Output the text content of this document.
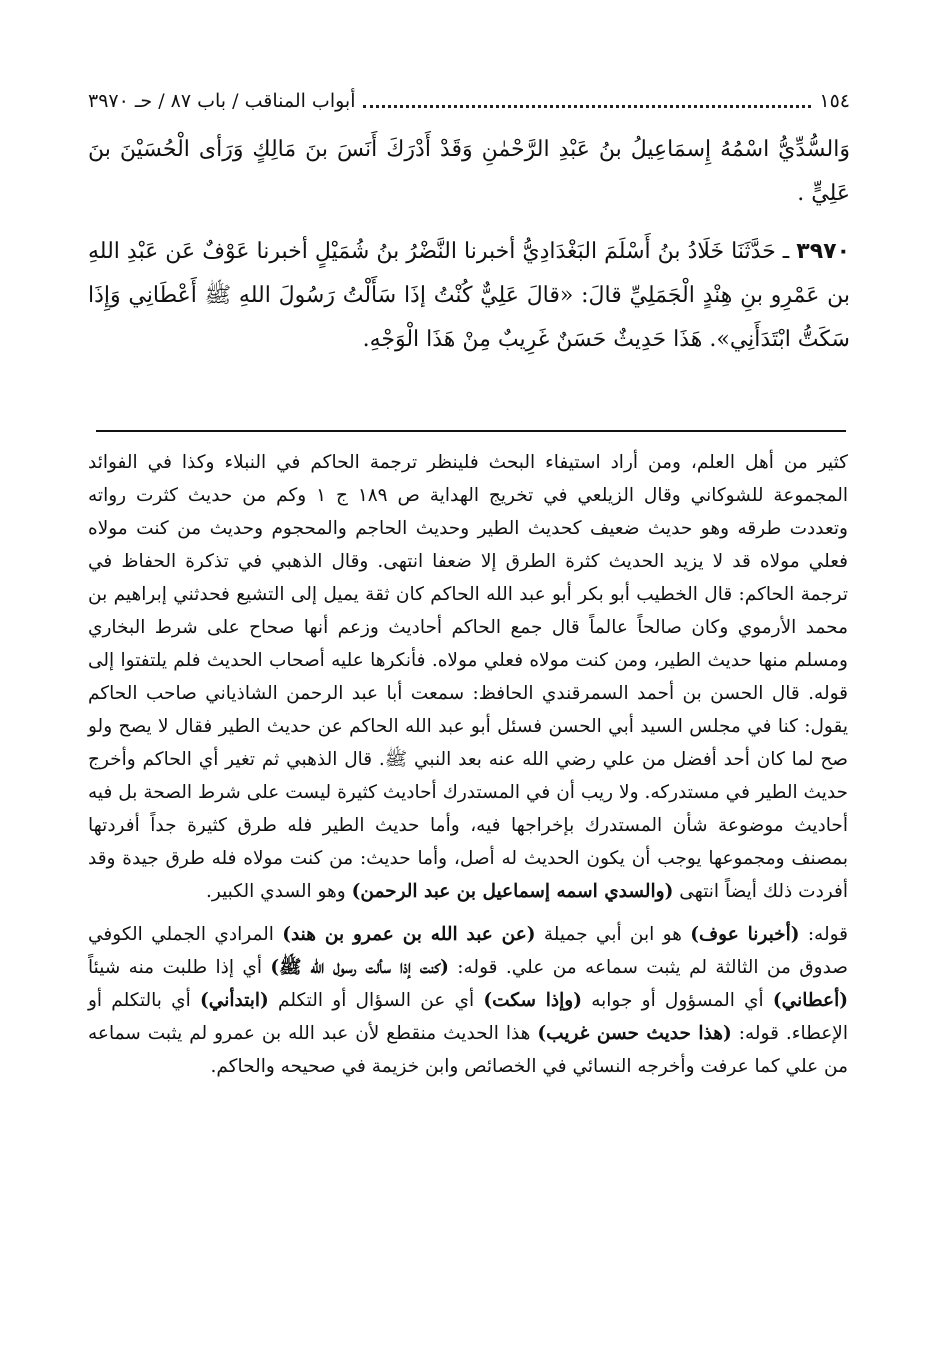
١٥٤
أبواب المناقب / باب ٨٧ / حـ ٣٩٧٠

وَالسُّدِّيُّ اسْمُهُ إِسمَاعِيلُ بنُ عَبْدِ الرَّحْمٰنِ وَقَدْ أَدْرَكَ أَنَسَ بنَ مَالِكٍ وَرَأى الْحُسَيْنَ بنَ عَلِيٍّ .

٣٩٧٠ ـ حَدَّثَنَا خَلَادُ بنُ أَسْلَمَ البَغْدَادِيُّ أخبرنا النَّضْرُ بنُ شُمَيْلٍ أخبرنا عَوْفٌ عَن عَبْدِ اللهِ بن عَمْرِو بنِ هِنْدٍ الْجَمَلِيِّ قالَ: «قالَ عَلِيٌّ كُنْتُ إذَا سَأَلْتُ رَسُولَ اللهِ ﷺ أَعْطَانِي وَإِذَا سَكَتُّ ابْتَدَأَنِي». هَذَا حَدِيثٌ حَسَنٌ غَرِيبٌ مِنْ هَذَا الْوَجْهِ.

كثير من أهل العلم، ومن أراد استيفاء البحث فلينظر ترجمة الحاكم في النبلاء وكذا في الفوائد المجموعة للشوكاني وقال الزيلعي في تخريج الهداية ص ١٨٩ ج ١ وكم من حديث كثرت رواته وتعددت طرقه وهو حديث ضعيف كحديث الطير وحديث الحاجم والمحجوم وحديث من كنت مولاه فعلي مولاه قد لا يزيد الحديث كثرة الطرق إلا ضعفا انتهى. وقال الذهبي في تذكرة الحفاظ في ترجمة الحاكم: قال الخطيب أبو بكر أبو عبد الله الحاكم كان ثقة يميل إلى التشيع فحدثني إبراهيم بن محمد الأرموي وكان صالحاً عالماً قال جمع الحاكم أحاديث وزعم أنها صحاح على شرط البخاري ومسلم منها حديث الطير، ومن كنت مولاه فعلي مولاه. فأنكرها عليه أصحاب الحديث فلم يلتفتوا إلى قوله. قال الحسن بن أحمد السمرقندي الحافظ: سمعت أبا عبد الرحمن الشاذياني صاحب الحاكم يقول: كنا في مجلس السيد أبي الحسن فسئل أبو عبد الله الحاكم عن حديث الطير فقال لا يصح ولو صح لما كان أحد أفضل من علي رضي الله عنه بعد النبي ﷺ. قال الذهبي ثم تغير أي الحاكم وأخرج حديث الطير في مستدركه. ولا ريب أن في المستدرك أحاديث كثيرة ليست على شرط الصحة بل فيه أحاديث موضوعة شأن المستدرك بإخراجها فيه، وأما حديث الطير فله طرق كثيرة جداً أفردتها بمصنف ومجموعها يوجب أن يكون الحديث له أصل، وأما حديث: من كنت مولاه فله طرق جيدة وقد أفردت ذلك أيضاً انتهى (والسدي اسمه إسماعيل بن عبد الرحمن) وهو السدي الكبير.

قوله: (أخبرنا عوف) هو ابن أبي جميلة (عن عبد الله بن عمرو بن هند) المرادي الجملي الكوفي صدوق من الثالثة لم يثبت سماعه من علي. قوله: (كنت إذا سألت رسول الله ﷺ) أي إذا طلبت منه شيئاً (أعطاني) أي المسؤول أو جوابه (وإذا سكت) أي عن السؤال أو التكلم (ابتدأني) أي بالتكلم أو الإعطاء. قوله: (هذا حديث حسن غريب) هذا الحديث منقطع لأن عبد الله بن عمرو لم يثبت سماعه من علي كما عرفت وأخرجه النسائي في الخصائص وابن خزيمة في صحيحه والحاكم.
